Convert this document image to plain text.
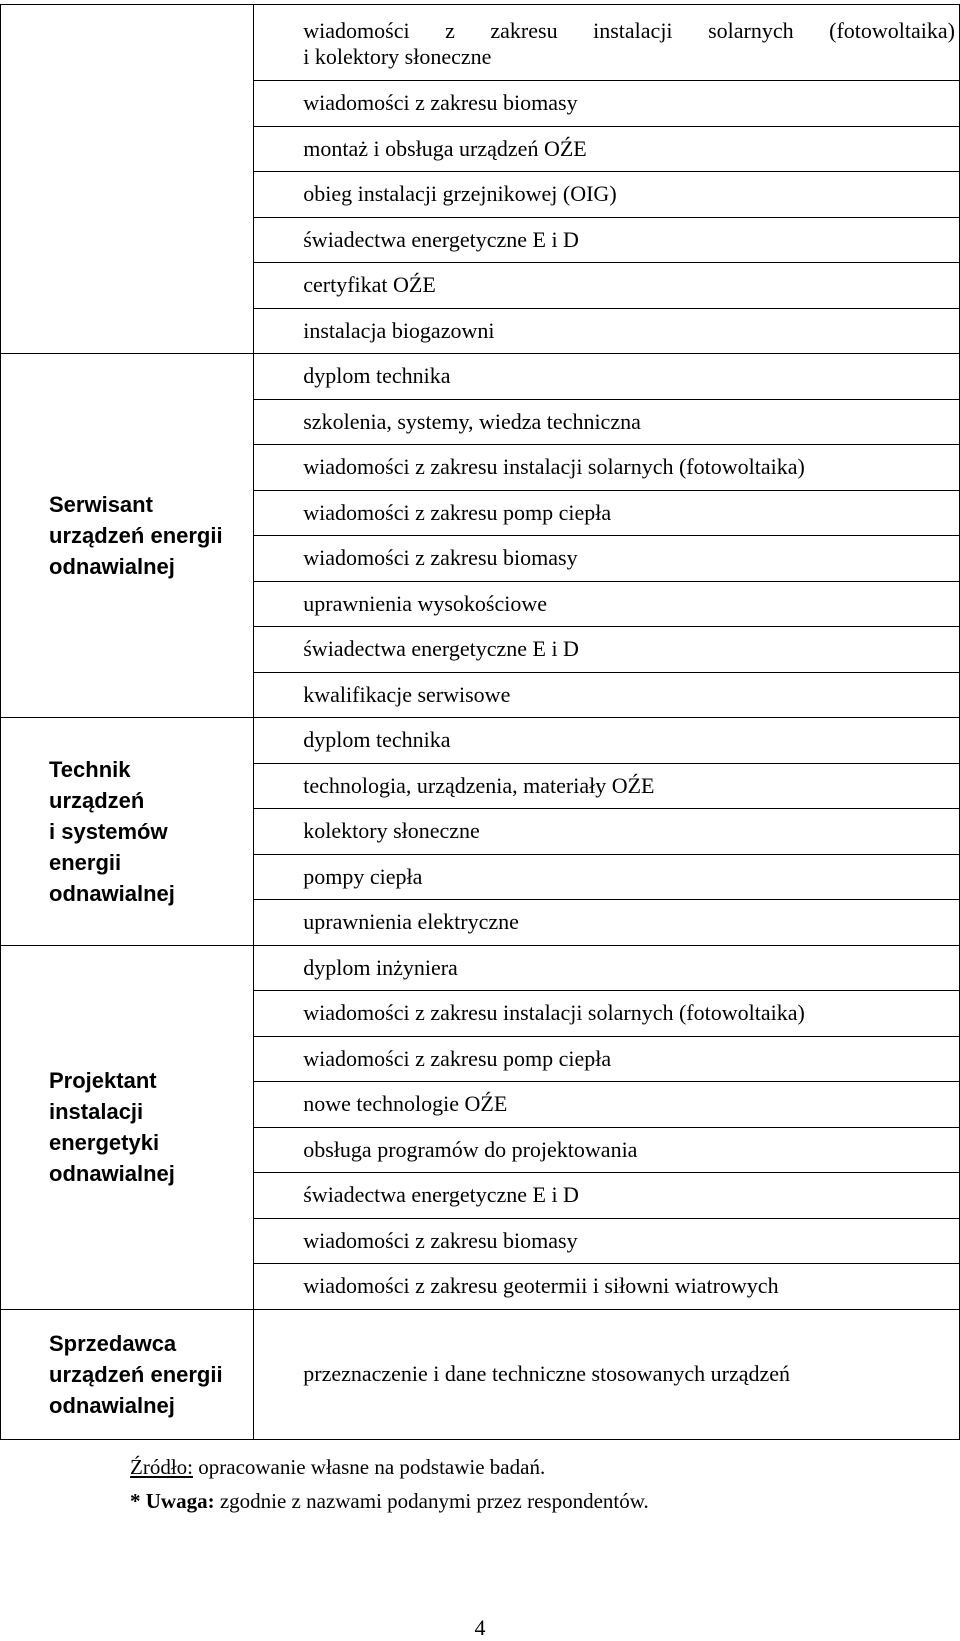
	wiadomości z zakresu instalacji solarnych (fotowoltaika)
i kolektory słoneczne

	wiadomości z zakresu biomasy
	montaż i obsługa urządzeń OŹE
	obieg instalacji grzejnikowej (OIG)
	świadectwa energetyczne E i D
	certyfikat OŹE
	instalacja biogazowni

Serwisant
urządzeń energii
odnawialnej	dyplom technika
	szkolenia, systemy, wiedza techniczna
	wiadomości z zakresu instalacji solarnych (fotowoltaika)
	wiadomości z zakresu pomp ciepła
	wiadomości z zakresu biomasy
	uprawnienia wysokościowe
	świadectwa energetyczne E i D
	kwalifikacje serwisowe

Technik
urządzeń
i systemów
energii
odnawialnej	dyplom technika
	technologia, urządzenia, materiały OŹE
	kolektory słoneczne
	pompy ciepła
	uprawnienia elektryczne

Projektant
instalacji
energetyki
odnawialnej	dyplom inżyniera
	wiadomości z zakresu instalacji solarnych (fotowoltaika)
	wiadomości z zakresu pomp ciepła
	nowe technologie OŹE
	obsługa programów do projektowania
	świadectwa energetyczne E i D
	wiadomości z zakresu biomasy
	wiadomości z zakresu geotermii i siłowni wiatrowych

Sprzedawca
urządzeń energii
odnawialnej	przeznaczenie i dane techniczne stosowanych urządzeń
Źródło: opracowanie własne na podstawie badań.
* Uwaga: zgodnie z nazwami podanymi przez respondentów.
4
